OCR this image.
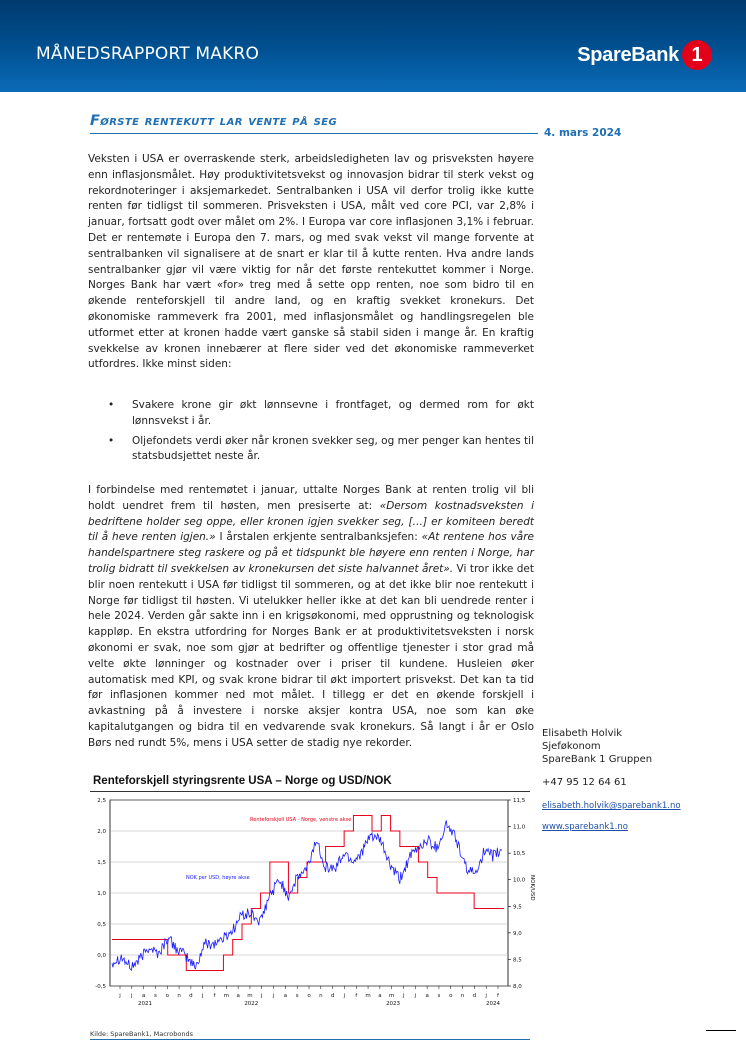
MÅNEDSRAPPORT MAKRO	SpareBank 1
Første rentekutt lar vente på seg
4. mars 2024
Veksten i USA er overraskende sterk, arbeidsledigheten lav og prisveksten høyere enn inflasjonsmålet. Høy produktivitetsvekst og innovasjon bidrar til sterk vekst og rekordnoteringer i aksjemarkedet. Sentralbanken i USA vil derfor trolig ikke kutte renten før tidligst til sommeren. Prisveksten i USA, målt ved core PCI, var 2,8% i januar, fortsatt godt over målet om 2%. I Europa var core inflasjonen 3,1% i februar. Det er rentemøte i Europa den 7. mars, og med svak vekst vil mange forvente at sentralbanken vil signalisere at de snart er klar til å kutte renten. Hva andre lands sentralbanker gjør vil være viktig for når det første rentekuttet kommer i Norge. Norges Bank har vært «for» treg med å sette opp renten, noe som bidro til en økende renteforskjell til andre land, og en kraftig svekket kronekurs. Det økonomiske rammeverk fra 2001, med inflasjonsmålet og handlingsregelen ble utformet etter at kronen hadde vært ganske så stabil siden i mange år. En kraftig svekkelse av kronen innebærer at flere sider ved det økonomiske rammeverket utfordres. Ikke minst siden:
• Svakere krone gir økt lønnsevne i frontfaget, og dermed rom for økt lønnsvekst i år.
• Oljefondets verdi øker når kronen svekker seg, og mer penger kan hentes til statsbudsjettet neste år.
I forbindelse med rentemøtet i januar, uttalte Norges Bank at renten trolig vil bli holdt uendret frem til høsten, men presiserte at: «Dersom kostnadsveksten i bedriftene holder seg oppe, eller kronen igjen svekker seg, […] er komiteen beredt til å heve renten igjen.» I årstalen erkjente sentralbanksjefen: «At rentene hos våre handelspartnere steg raskere og på et tidspunkt ble høyere enn renten i Norge, har trolig bidratt til svekkelsen av kronekursen det siste halvannet året». Vi tror ikke det blir noen rentekutt i USA før tidligst til sommeren, og at det ikke blir noe rentekutt i Norge før tidligst til høsten. Vi utelukker heller ikke at det kan bli uendrede renter i hele 2024. Verden går sakte inn i en krigsøkonomi, med opprustning og teknologisk kappløp. En ekstra utfordring for Norges Bank er at produktivitetsveksten i norsk økonomi er svak, noe som gjør at bedrifter og offentlige tjenester i stor grad må velte økte lønninger og kostnader over i priser til kundene. Husleien øker automatisk med KPI, og svak krone bidrar til økt importert prisvekst. Det kan ta tid før inflasjonen kommer ned mot målet. I tillegg er det en økende forskjell i avkastning på å investere i norske aksjer kontra USA, noe som kan øke kapitalutgangen og bidra til en vedvarende svak kronekurs. Så langt i år er Oslo Børs ned rundt 5%, mens i USA setter de stadig nye rekorder.
Elisabeth Holvik
Sjeføkonom
SpareBank 1 Gruppen
+47 95 12 64 61
elisabeth.holvik@sparebank1.no
www.sparebank1.no
Renteforskjell styringsrente USA – Norge og USD/NOK
-0,5
0,0
0,5
1,0
1,5
2,0
2,5
8,0
8,5
9,0
9,5
10,0
10,5
11,0
11,5
j j a s o n d j f m a m j j a s o n d j f m a m j j a s o n d j f
2021	2022	2023	2024
Renteforskjell USA - Norge, venstre akse
NOK per USD, høyre akse	NOK/USD
Kilde: SpareBank1, Macrobonds
